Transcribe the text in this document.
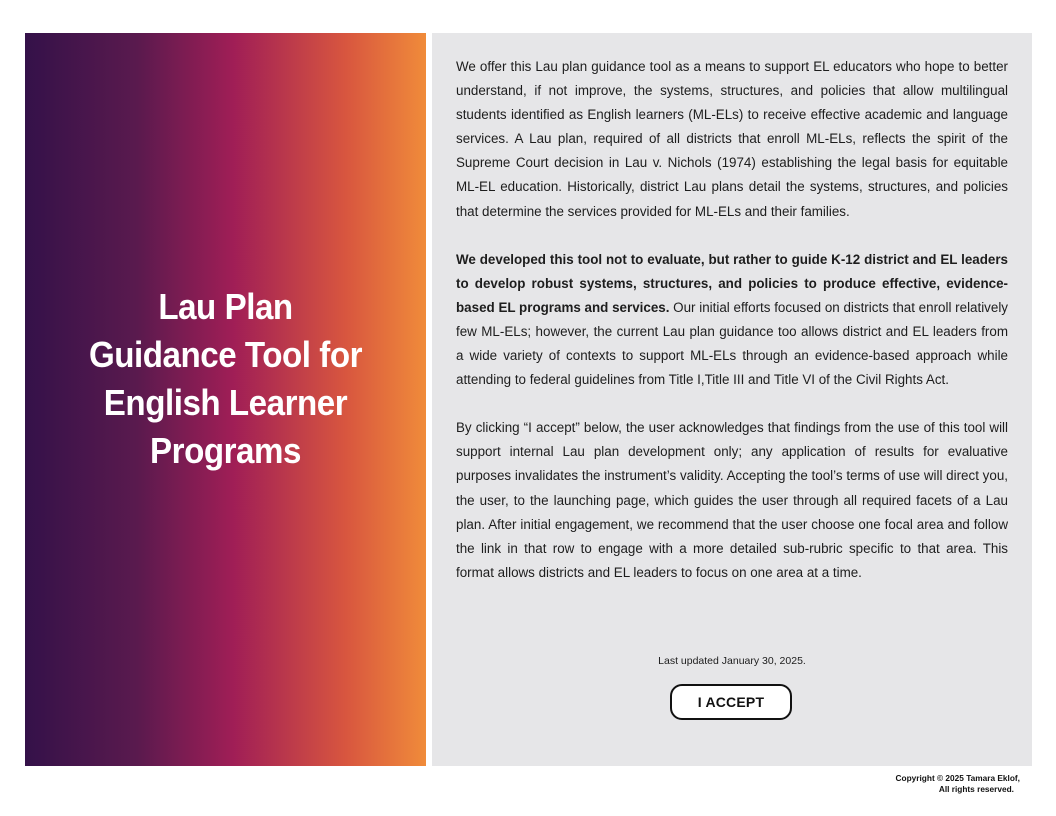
Lau Plan
Guidance Tool for
English Learner
Programs

We offer this Lau plan guidance tool as a means to support EL educators who hope to better understand, if not improve, the systems, structures, and policies that allow multilingual students identified as English learners (ML-ELs) to receive effective academic and language services. A Lau plan, required of all districts that enroll ML-ELs, reflects the spirit of the Supreme Court decision in Lau v. Nichols (1974) establishing the legal basis for equitable ML-EL education. Historically, district Lau plans detail the systems, structures, and policies that determine the services provided for ML-ELs and their families.

We developed this tool not to evaluate, but rather to guide K-12 district and EL leaders to develop robust systems, structures, and policies to produce effective, evidence-based EL programs and services. Our initial efforts focused on districts that enroll relatively few ML-ELs; however, the current Lau plan guidance too allows district and EL leaders from a wide variety of contexts to support ML-ELs through an evidence-based approach while attending to federal guidelines from Title I,Title III and Title VI of the Civil Rights Act.

By clicking “I accept” below, the user acknowledges that findings from the use of this tool will support internal Lau plan development only; any application of results for evaluative purposes invalidates the instrument’s validity. Accepting the tool’s terms of use will direct you, the user, to the launching page, which guides the user through all required facets of a Lau plan. After initial engagement, we recommend that the user choose one focal area and follow the link in that row to engage with a more detailed sub-rubric specific to that area. This format allows districts and EL leaders to focus on one area at a time.

Last updated January 30, 2025.
I ACCEPT
Copyright © 2025 Tamara Eklof,
All rights reserved.
